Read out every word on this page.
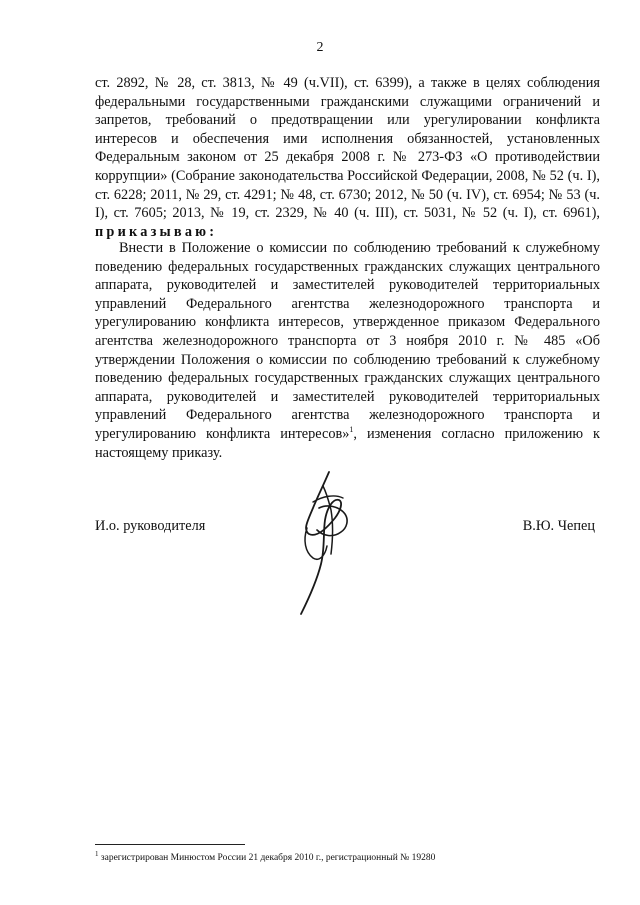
2

ст. 2892, № 28, ст. 3813, № 49 (ч.VII), ст. 6399), а также в целях соблюдения федеральными государственными гражданскими служащими ограничений и запретов, требований о предотвращении или урегулировании конфликта интересов и обеспечения ими исполнения обязанностей, установленных Федеральным законом от 25 декабря 2008 г. № 273-ФЗ «О противодействии коррупции» (Собрание законодательства Российской Федерации, 2008, № 52 (ч. I), ст. 6228; 2011, № 29, ст. 4291; № 48, ст. 6730; 2012, № 50 (ч. IV), ст. 6954; № 53 (ч. I), ст. 7605; 2013, № 19, ст. 2329, № 40 (ч. III), ст. 5031, № 52 (ч. I), ст. 6961), приказываю:

Внести в Положение о комиссии по соблюдению требований к служебному поведению федеральных государственных гражданских служащих центрального аппарата, руководителей и заместителей руководителей территориальных управлений Федерального агентства железнодорожного транспорта и урегулированию конфликта интересов, утвержденное приказом Федерального агентства железнодорожного транспорта от 3 ноября 2010 г. № 485 «Об утверждении Положения о комиссии по соблюдению требований к служебному поведению федеральных государственных гражданских служащих центрального аппарата, руководителей и заместителей руководителей территориальных управлений Федерального агентства железнодорожного транспорта и урегулированию конфликта интересов»$^1$, изменения согласно приложению к настоящему приказу.

И.о. руководителя	В.Ю. Чепец
$^1$ зарегистрирован Минюстом России 21 декабря 2010 г., регистрационный № 19280
